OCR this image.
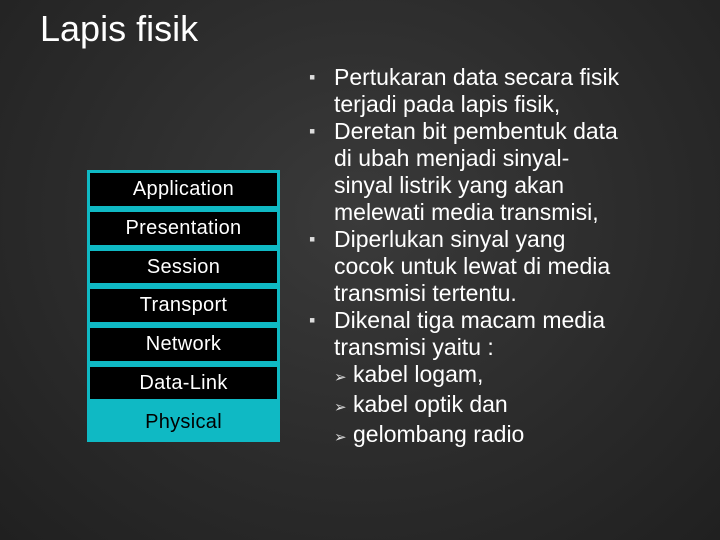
Lapis fisik
Application
Presentation
Session
Transport
Network
Data-Link
Physical
▪ Pertukaran data secara fisik
terjadi pada lapis fisik,
▪ Deretan bit pembentuk data
di ubah menjadi sinyal-
sinyal listrik yang akan
melewati media transmisi,
▪ Diperlukan sinyal yang
cocok untuk lewat di media
transmisi tertentu.
▪ Dikenal tiga macam media
transmisi yaitu :
➢ kabel logam,
➢ kabel optik dan
➢ gelombang radio
